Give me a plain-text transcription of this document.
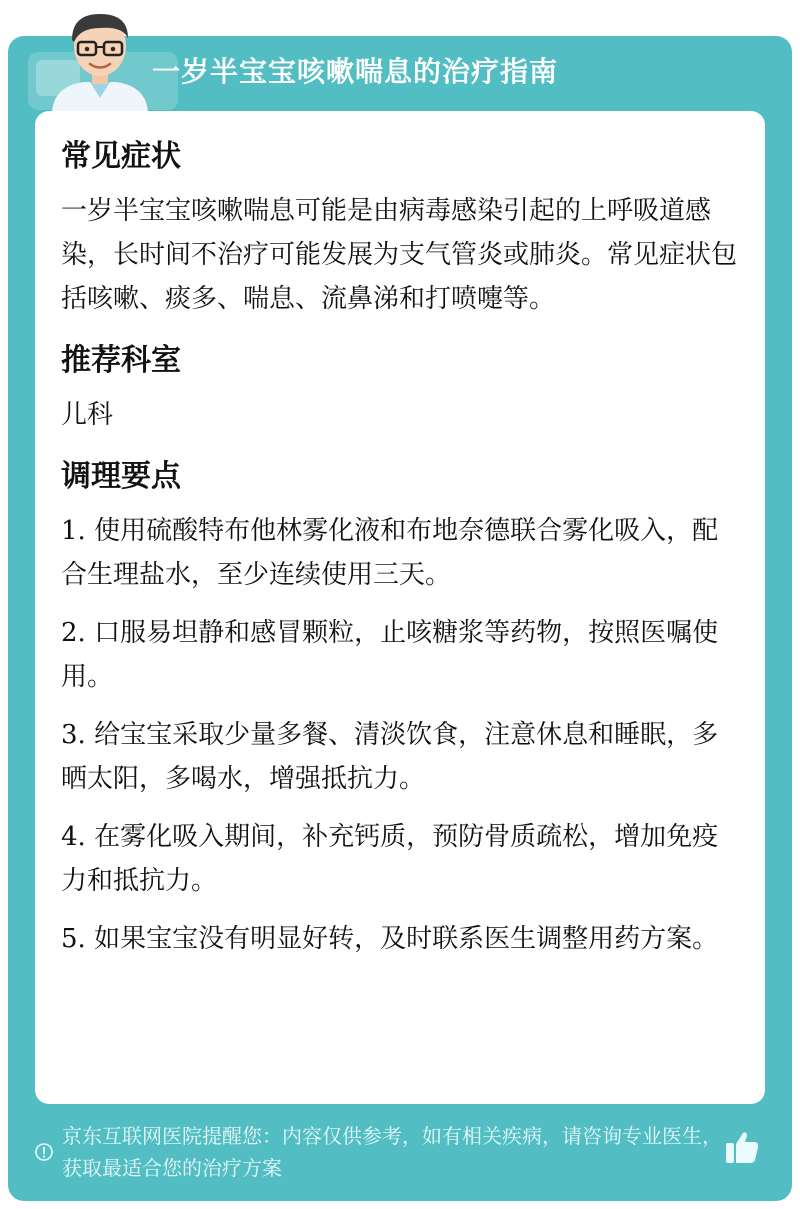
一岁半宝宝咳嗽喘息的治疗指南
常见症状

一岁半宝宝咳嗽喘息可能是由病毒感染引起的上呼吸道感染，长时间不治疗可能发展为支气管炎或肺炎。常见症状包括咳嗽、痰多、喘息、流鼻涕和打喷嚏等。

推荐科室

儿科

调理要点

1. 使用硫酸特布他林雾化液和布地奈德联合雾化吸入，配合生理盐水，至少连续使用三天。

2. 口服易坦静和感冒颗粒，止咳糖浆等药物，按照医嘱使用。

3. 给宝宝采取少量多餐、清淡饮食，注意休息和睡眠，多晒太阳，多喝水，增强抵抗力。

4. 在雾化吸入期间，补充钙质，预防骨质疏松，增加免疫力和抵抗力。

5. 如果宝宝没有明显好转，及时联系医生调整用药方案。

京东互联网医院提醒您：内容仅供参考，如有相关疾病，请咨询专业医生，获取最适合您的治疗方案
